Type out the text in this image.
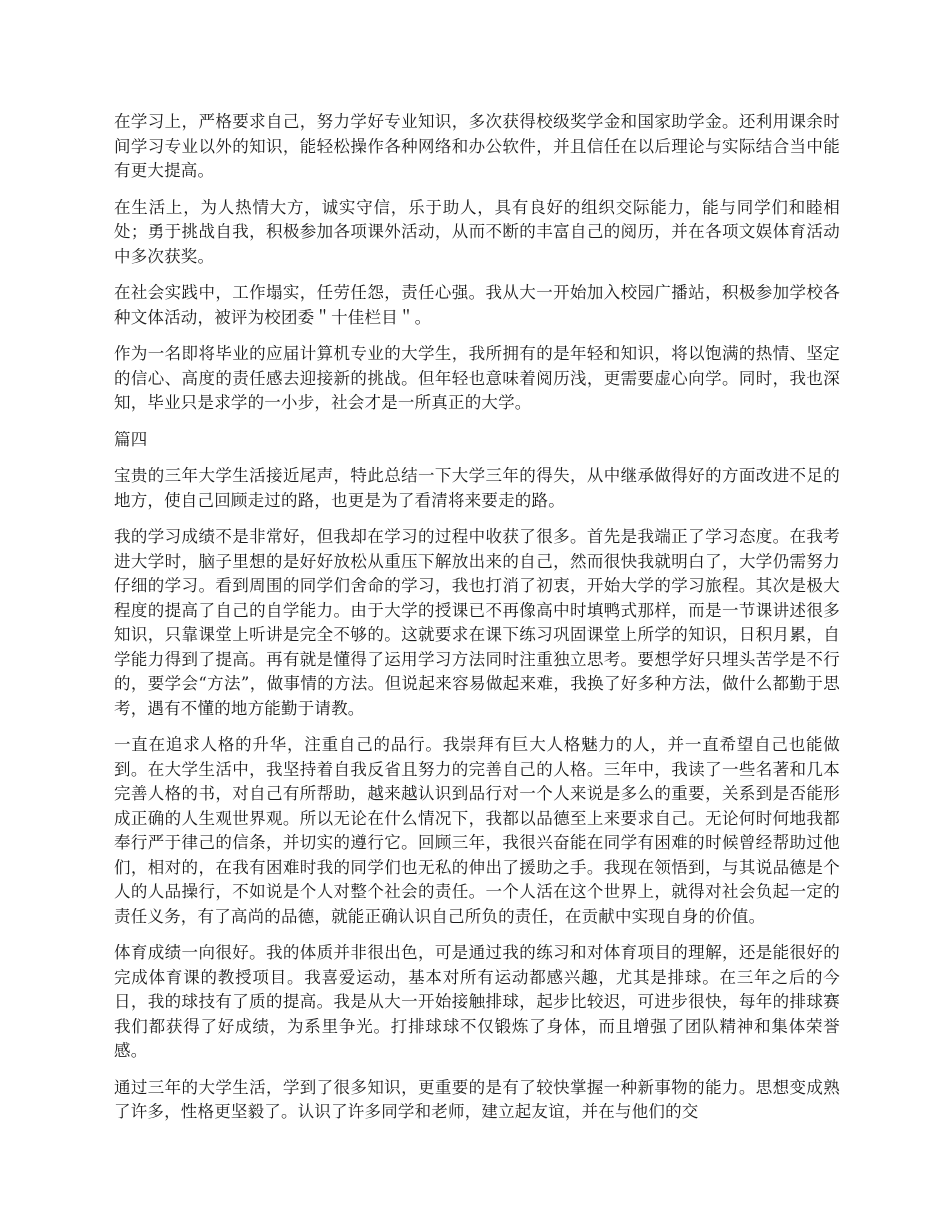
在学习上，严格要求自己，努力学好专业知识，多次获得校级奖学金和国家助学金。还利用课余时间学习专业以外的知识，能轻松操作各种网络和办公软件，并且信任在以后理论与实际结合当中能有更大提高。

在生活上，为人热情大方，诚实守信，乐于助人，具有良好的组织交际能力，能与同学们和睦相处；勇于挑战自我，积极参加各项课外活动，从而不断的丰富自己的阅历，并在各项文娱体育活动中多次获奖。

在社会实践中，工作塌实，任劳任怨，责任心强。我从大一开始加入校园广播站，积极参加学校各种文体活动，被评为校团委＂十佳栏目＂。

作为一名即将毕业的应届计算机专业的大学生，我所拥有的是年轻和知识，将以饱满的热情、坚定的信心、高度的责任感去迎接新的挑战。但年轻也意味着阅历浅，更需要虚心向学。同时，我也深知，毕业只是求学的一小步，社会才是一所真正的大学。

篇四

宝贵的三年大学生活接近尾声，特此总结一下大学三年的得失，从中继承做得好的方面改进不足的地方，使自己回顾走过的路，也更是为了看清将来要走的路。

我的学习成绩不是非常好，但我却在学习的过程中收获了很多。首先是我端正了学习态度。在我考进大学时，脑子里想的是好好放松从重压下解放出来的自己，然而很快我就明白了，大学仍需努力仔细的学习。看到周围的同学们舍命的学习，我也打消了初衷，开始大学的学习旅程。其次是极大程度的提高了自己的自学能力。由于大学的授课已不再像高中时填鸭式那样，而是一节课讲述很多知识，只靠课堂上听讲是完全不够的。这就要求在课下练习巩固课堂上所学的知识，日积月累，自学能力得到了提高。再有就是懂得了运用学习方法同时注重独立思考。要想学好只埋头苦学是不行的，要学会“方法”，做事情的方法。但说起来容易做起来难，我换了好多种方法，做什么都勤于思考，遇有不懂的地方能勤于请教。

一直在追求人格的升华，注重自己的品行。我崇拜有巨大人格魅力的人，并一直希望自己也能做到。在大学生活中，我坚持着自我反省且努力的完善自己的人格。三年中，我读了一些名著和几本完善人格的书，对自己有所帮助，越来越认识到品行对一个人来说是多么的重要，关系到是否能形成正确的人生观世界观。所以无论在什么情况下，我都以品德至上来要求自己。无论何时何地我都奉行严于律己的信条，并切实的遵行它。回顾三年，我很兴奋能在同学有困难的时候曾经帮助过他们，相对的，在我有困难时我的同学们也无私的伸出了援助之手。我现在领悟到，与其说品德是个人的人品操行，不如说是个人对整个社会的责任。一个人活在这个世界上，就得对社会负起一定的责任义务，有了高尚的品德，就能正确认识自己所负的责任，在贡献中实现自身的价值。

体育成绩一向很好。我的体质并非很出色，可是通过我的练习和对体育项目的理解，还是能很好的完成体育课的教授项目。我喜爱运动，基本对所有运动都感兴趣，尤其是排球。在三年之后的今日，我的球技有了质的提高。我是从大一开始接触排球，起步比较迟，可进步很快，每年的排球赛我们都获得了好成绩，为系里争光。打排球球不仅锻炼了身体，而且增强了团队精神和集体荣誉感。

通过三年的大学生活，学到了很多知识，更重要的是有了较快掌握一种新事物的能力。思想变成熟了许多，性格更坚毅了。认识了许多同学和老师，建立起友谊，并在与他们的交
